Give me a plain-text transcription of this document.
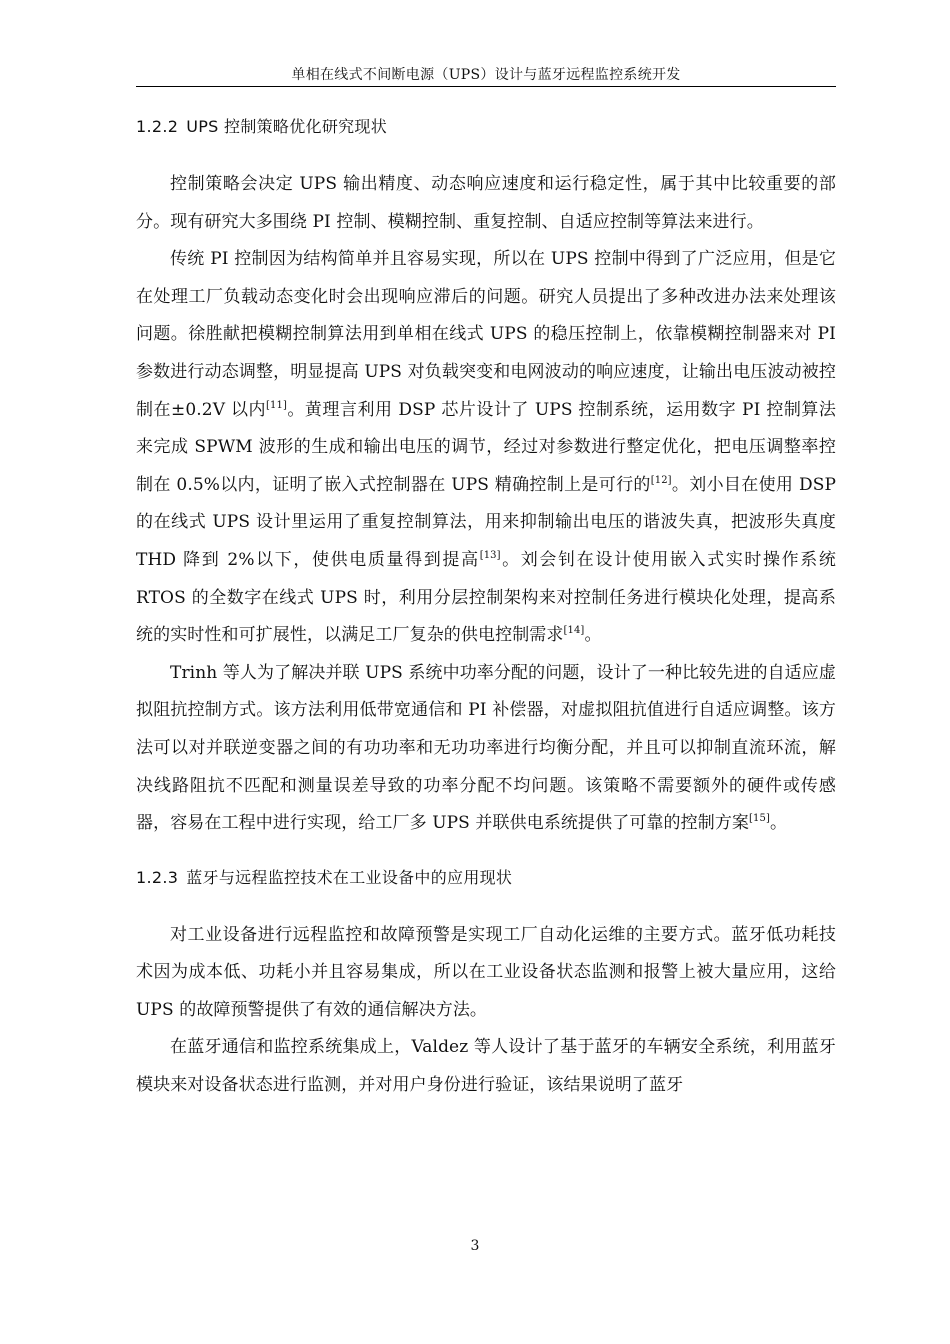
单相在线式不间断电源（UPS）设计与蓝牙远程监控系统开发
1.2.2 UPS 控制策略优化研究现状

控制策略会决定 UPS 输出精度、动态响应速度和运行稳定性，属于其中比较重要的部分。现有研究大多围绕 PI 控制、模糊控制、重复控制、自适应控制等算法来进行。

传统 PI 控制因为结构简单并且容易实现，所以在 UPS 控制中得到了广泛应用，但是它在处理工厂负载动态变化时会出现响应滞后的问题。研究人员提出了多种改进办法来处理该问题。徐胜献把模糊控制算法用到单相在线式 UPS 的稳压控制上，依靠模糊控制器来对 PI 参数进行动态调整，明显提高 UPS 对负载突变和电网波动的响应速度，让输出电压波动被控制在±0.2V 以内[11]。黄理言利用 DSP 芯片设计了 UPS 控制系统，运用数字 PI 控制算法来完成 SPWM 波形的生成和输出电压的调节，经过对参数进行整定优化，把电压调整率控制在 0.5%以内，证明了嵌入式控制器在 UPS 精确控制上是可行的[12]。刘小目在使用 DSP 的在线式 UPS 设计里运用了重复控制算法，用来抑制输出电压的谐波失真，把波形失真度 THD 降到 2%以下，使供电质量得到提高[13]。刘会钊在设计使用嵌入式实时操作系统 RTOS 的全数字在线式 UPS 时，利用分层控制架构来对控制任务进行模块化处理，提高系统的实时性和可扩展性，以满足工厂复杂的供电控制需求[14]。

Trinh 等人为了解决并联 UPS 系统中功率分配的问题，设计了一种比较先进的自适应虚拟阻抗控制方式。该方法利用低带宽通信和 PI 补偿器，对虚拟阻抗值进行自适应调整。该方法可以对并联逆变器之间的有功功率和无功功率进行均衡分配，并且可以抑制直流环流，解决线路阻抗不匹配和测量误差导致的功率分配不均问题。该策略不需要额外的硬件或传感器，容易在工程中进行实现，给工厂多 UPS 并联供电系统提供了可靠的控制方案[15]。

1.2.3 蓝牙与远程监控技术在工业设备中的应用现状

对工业设备进行远程监控和故障预警是实现工厂自动化运维的主要方式。蓝牙低功耗技术因为成本低、功耗小并且容易集成，所以在工业设备状态监测和报警上被大量应用，这给 UPS 的故障预警提供了有效的通信解决方法。

在蓝牙通信和监控系统集成上，Valdez 等人设计了基于蓝牙的车辆安全系统，利用蓝牙模块来对设备状态进行监测，并对用户身份进行验证，该结果说明了蓝牙

3
